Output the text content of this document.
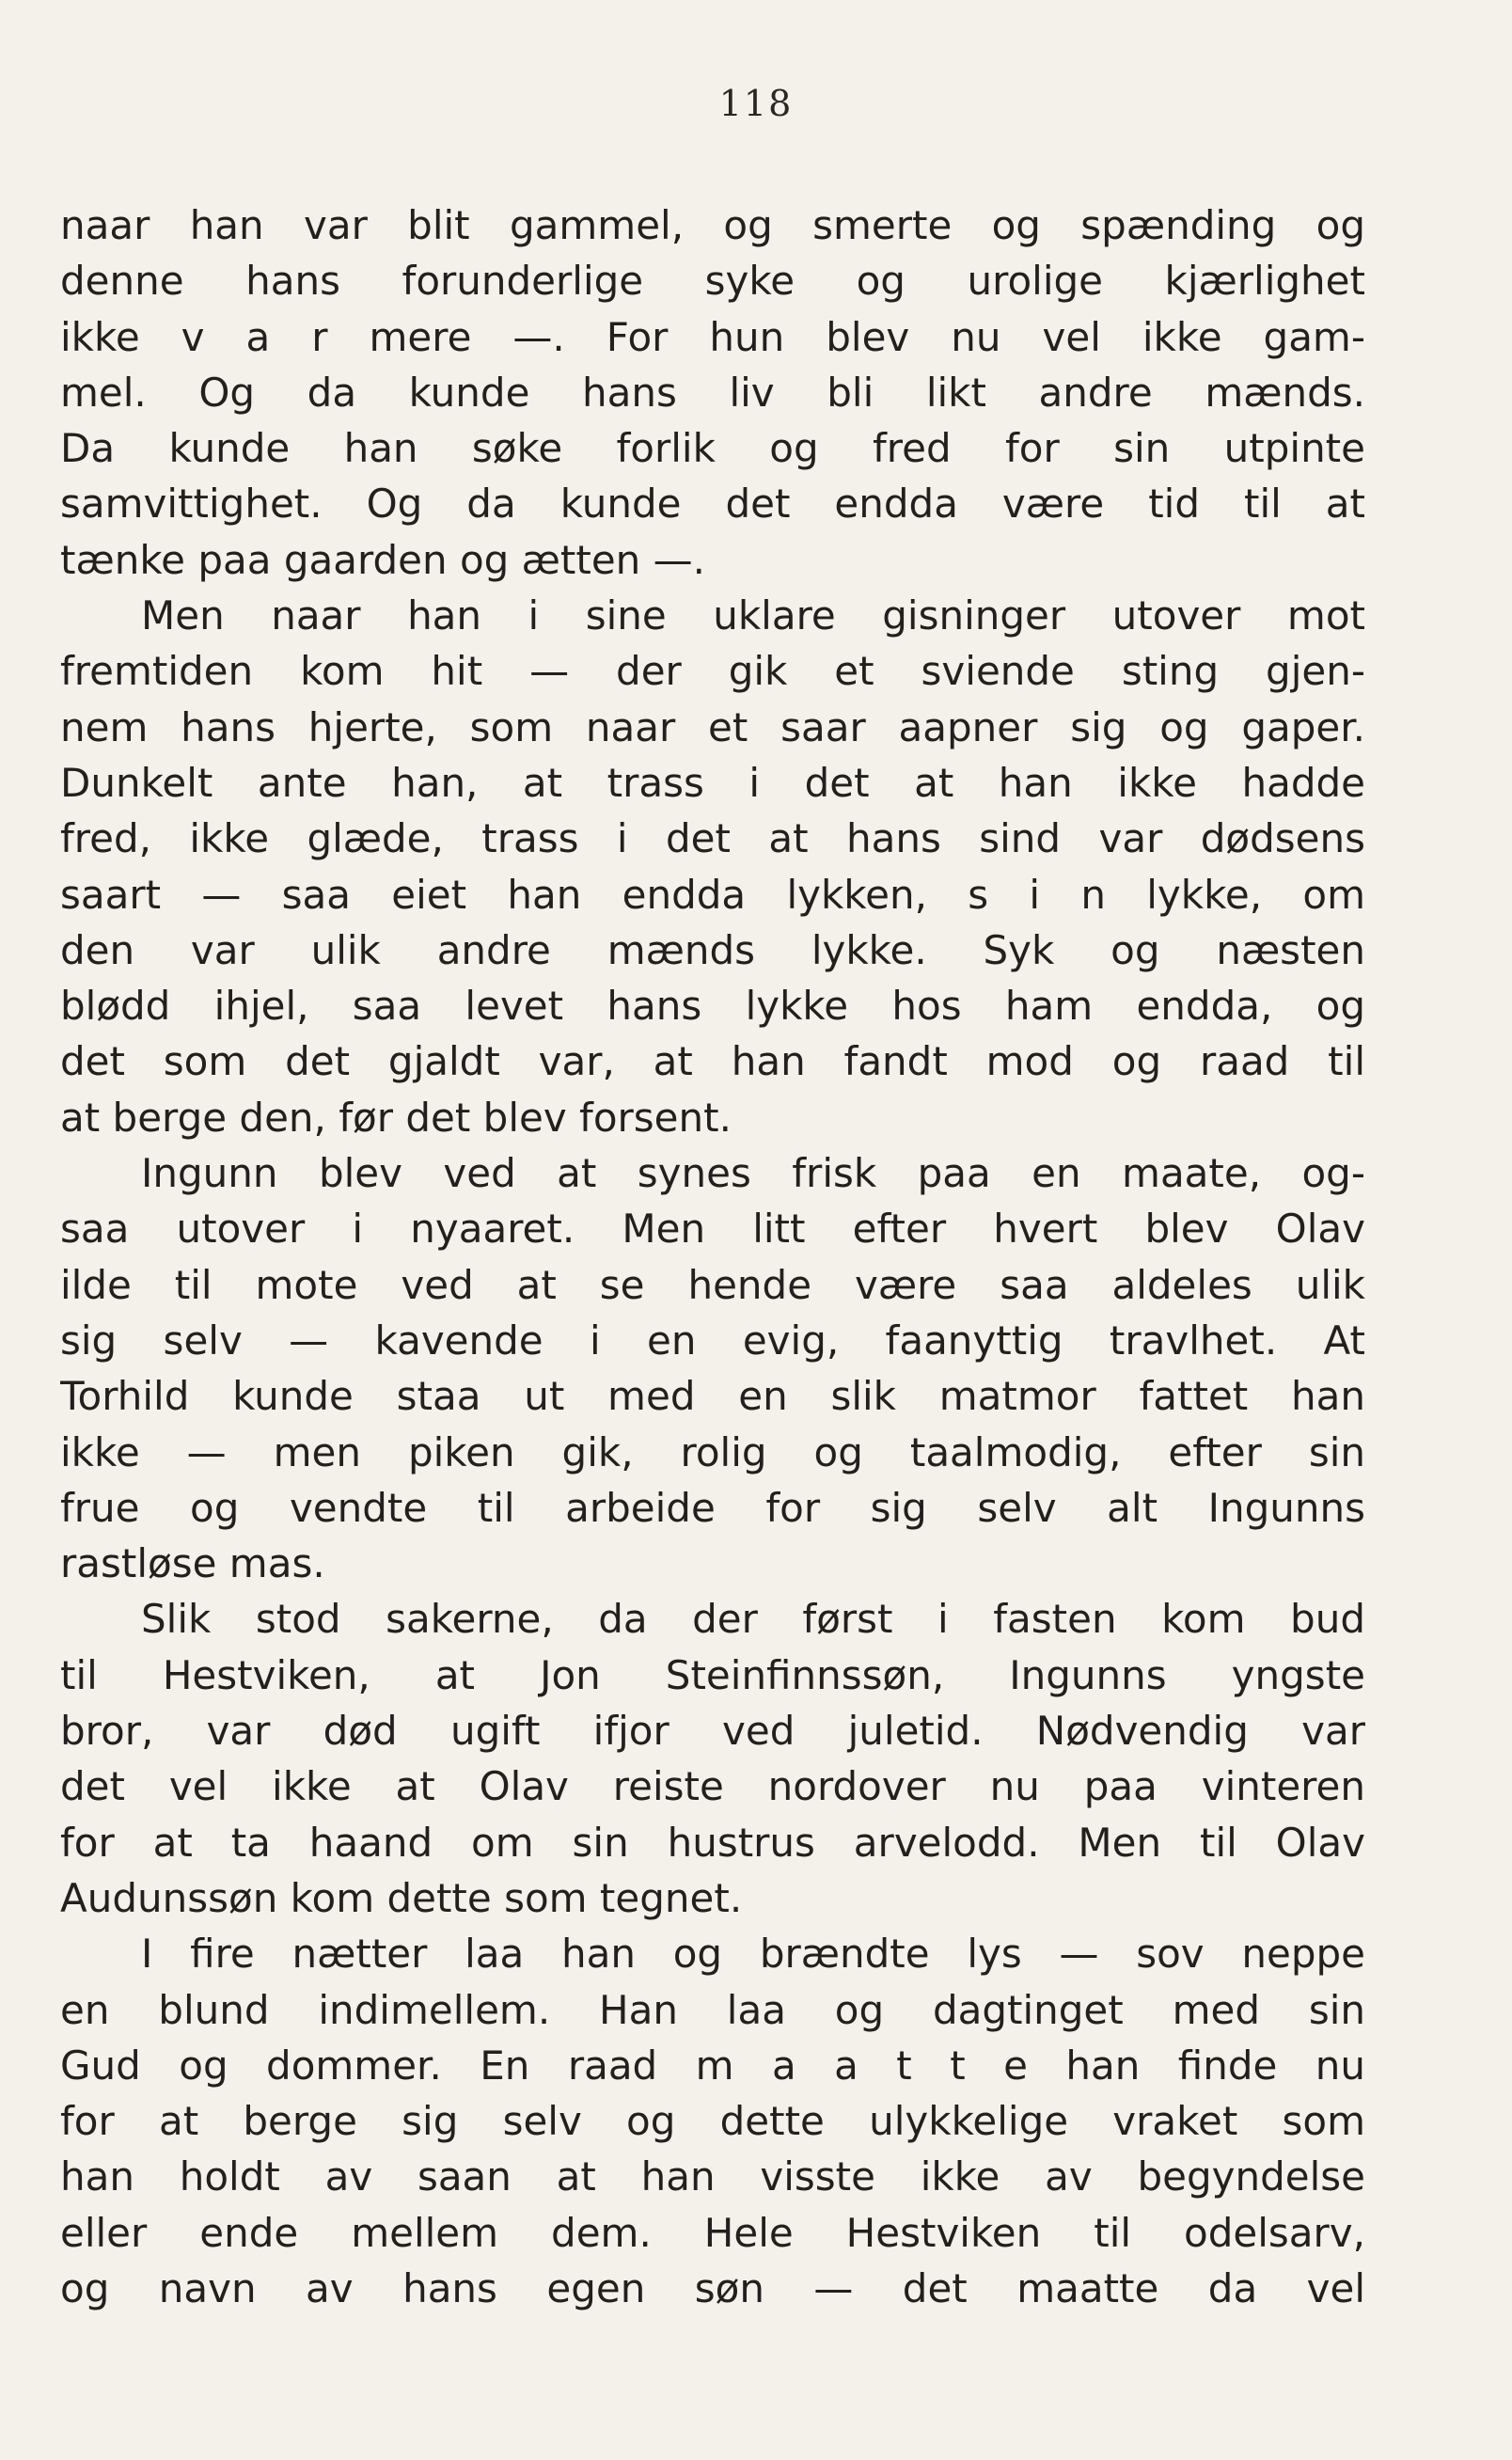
118
naar han var blit gammel, og smerte og spænding og
denne hans forunderlige syke og urolige kjærlighet
ikke v a r mere —. For hun blev nu vel ikke gam-
mel. Og da kunde hans liv bli likt andre mænds.
Da kunde han søke forlik og fred for sin utpinte
samvittighet. Og da kunde det endda være tid til at
tænke paa gaarden og ætten —.
Men naar han i sine uklare gisninger utover mot
fremtiden kom hit — der gik et sviende sting gjen-
nem hans hjerte, som naar et saar aapner sig og gaper.
Dunkelt ante han, at trass i det at han ikke hadde
fred, ikke glæde, trass i det at hans sind var dødsens
saart — saa eiet han endda lykken, s i n lykke, om
den var ulik andre mænds lykke. Syk og næsten
blødd ihjel, saa levet hans lykke hos ham endda, og
det som det gjaldt var, at han fandt mod og raad til
at berge den, før det blev forsent.
Ingunn blev ved at synes frisk paa en maate, og-
saa utover i nyaaret. Men litt efter hvert blev Olav
ilde til mote ved at se hende være saa aldeles ulik
sig selv — kavende i en evig, faanyttig travlhet. At
Torhild kunde staa ut med en slik matmor fattet han
ikke — men piken gik, rolig og taalmodig, efter sin
frue og vendte til arbeide for sig selv alt Ingunns
rastløse mas.
Slik stod sakerne, da der først i fasten kom bud
til Hestviken, at Jon Steinfinnssøn, Ingunns yngste
bror, var død ugift ifjor ved juletid. Nødvendig var
det vel ikke at Olav reiste nordover nu paa vinteren
for at ta haand om sin hustrus arvelodd. Men til Olav
Audunssøn kom dette som tegnet.
I fire nætter laa han og brændte lys — sov neppe
en blund indimellem. Han laa og dagtinget med sin
Gud og dommer. En raad m a a t t e han finde nu
for at berge sig selv og dette ulykkelige vraket som
han holdt av saan at han visste ikke av begyndelse
eller ende mellem dem. Hele Hestviken til odelsarv,
og navn av hans egen søn — det maatte da vel
